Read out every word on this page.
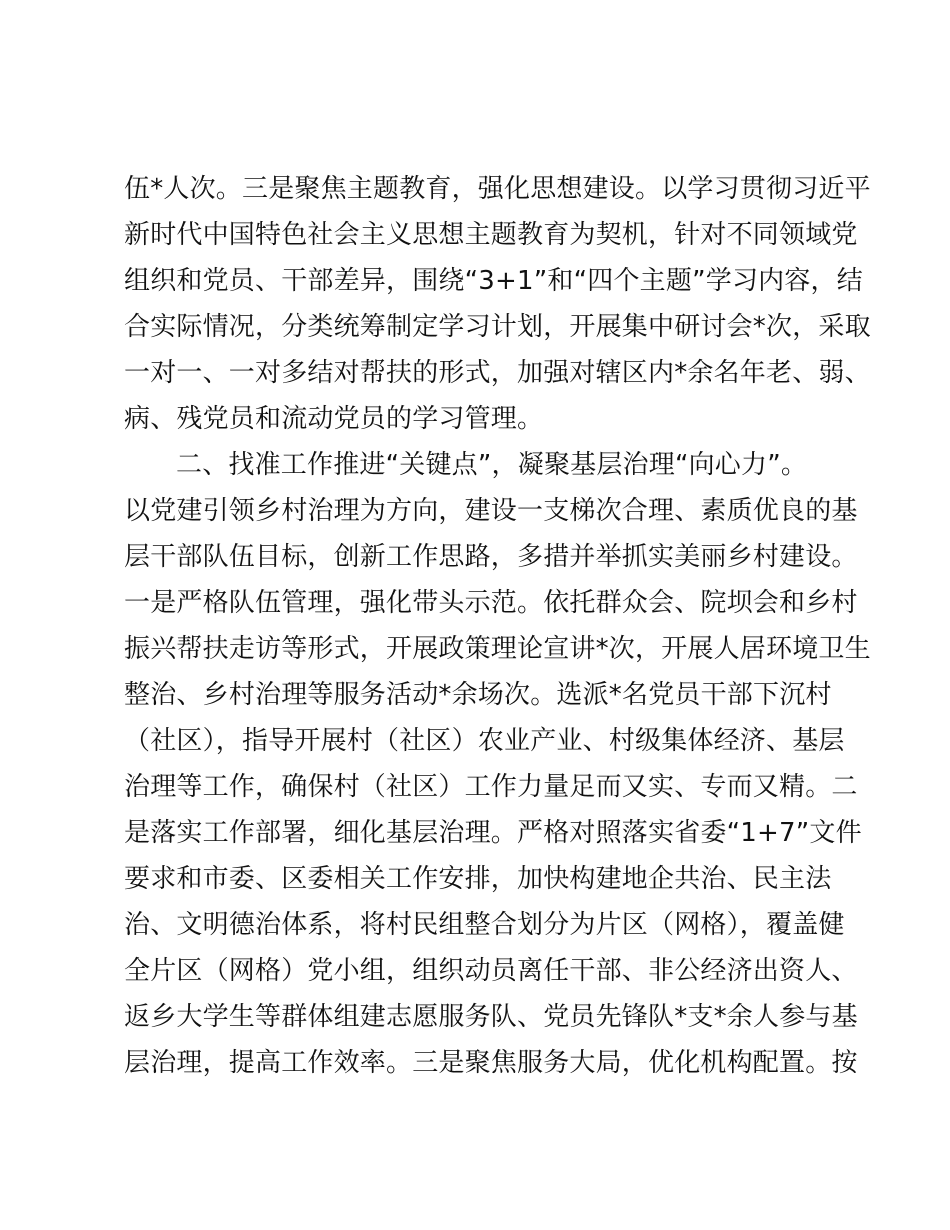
伍*人次。三是聚焦主题教育，强化思想建设。以学习贯彻习近平
新时代中国特色社会主义思想主题教育为契机，针对不同领域党
组织和党员、干部差异，围绕“3+1”和“四个主题”学习内容，结
合实际情况，分类统筹制定学习计划，开展集中研讨会*次，采取
一对一、一对多结对帮扶的形式，加强对辖区内*余名年老、弱、
病、残党员和流动党员的学习管理。
二、找准工作推进“关键点”，凝聚基层治理“向心力”。
以党建引领乡村治理为方向，建设一支梯次合理、素质优良的基
层干部队伍目标，创新工作思路，多措并举抓实美丽乡村建设。
一是严格队伍管理，强化带头示范。依托群众会、院坝会和乡村
振兴帮扶走访等形式，开展政策理论宣讲*次，开展人居环境卫生
整治、乡村治理等服务活动*余场次。选派*名党员干部下沉村
（社区），指导开展村（社区）农业产业、村级集体经济、基层
治理等工作，确保村（社区）工作力量足而又实、专而又精。二
是落实工作部署，细化基层治理。严格对照落实省委“1+7”文件
要求和市委、区委相关工作安排，加快构建地企共治、民主法
治、文明德治体系，将村民组整合划分为片区（网格），覆盖健
全片区（网格）党小组，组织动员离任干部、非公经济出资人、
返乡大学生等群体组建志愿服务队、党员先锋队*支*余人参与基
层治理，提高工作效率。三是聚焦服务大局，优化机构配置。按
